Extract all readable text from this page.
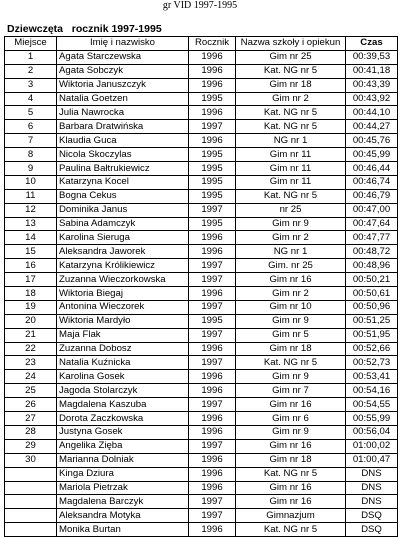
gr VID 1997-1995
Dziewczęta   rocznik 1997-1995
Miejsce	Imię i nazwisko	Rocznik	Nazwa szkoły i opiekun	Czas
1	Agata Starczewska	1996	Gim nr 25	00:39,53
2	Agata Sobczyk	1996	Kat. NG nr 5	00:41,18
3	Wiktoria Januszczyk	1996	Gim nr 18	00:43,39
4	Natalia Goetzen	1995	Gim nr 2	00:43,92
5	Julia Nawrocka	1996	Kat. NG nr 5	00:44,10
6	Barbara Dratwińska	1997	Kat. NG nr 5	00:44,27
7	Klaudia Guca	1996	NG nr 1	00:45,76
8	Nicola Skoczylas	1995	Gim nr 11	00:45,99
9	Paulina Bałtrukiewicz	1995	Gim nr 11	00:46,44
10	Katarzyna Kocel	1995	Gim nr 11	00:46,74
11	Bogna Cekus	1995	Kat. NG nr 5	00:46,79
12	Dominika Janus	1997	nr 25	00:47,00
13	Sabina Adamczyk	1995	Gim nr 9	00:47,64
14	Karolina Sieruga	1996	Gim nr 2	00:47,77
15	Aleksandra Jaworek	1996	NG nr 1	00:48,72
16	Katarzyna Królikiewicz	1997	Gim. nr 25	00:48,96
17	Zuzanna Wieczorkowska	1997	Gim nr 16	00:50,21
18	Wiktoria Biegaj	1996	Gim nr 2	00:50,61
19	Antonina Wieczorek	1997	Gim nr 10	00:50,96
20	Wiktoria Mardyło	1995	Gim nr 9	00:51,25
21	Maja Flak	1997	Gim nr 5	00:51,95
22	Zuzanna Dobosz	1996	Gim nr 18	00:52,66
23	Natalia Kuźnicka	1997	Kat. NG nr 5	00:52,73
24	Karolina Gosek	1996	Gim nr 9	00:53,41
25	Jagoda Stolarczyk	1996	Gim nr 7	00:54,16
26	Magdalena Kaszuba	1997	Gim nr 16	00:54,55
27	Dorota Zaczkowska	1996	Gim nr 6	00:55,99
28	Justyna Gosek	1996	Gim nr 9	00:56,04
29	Angelika Zięba	1997	Gim nr 16	01:00,02
30	Marianna Dolniak	1996	Gim nr 18	01:00,47
	Kinga Dziura	1996	Kat. NG nr 5	DNS
	Mariola Pietrzak	1996	Gim nr 16	DNS
	Magdalena Barczyk	1997	Gim nr 16	DNS
	Aleksandra Motyka	1997	Gimnazjum	DSQ
	Monika Burtan	1996	Kat. NG nr 5	DSQ
